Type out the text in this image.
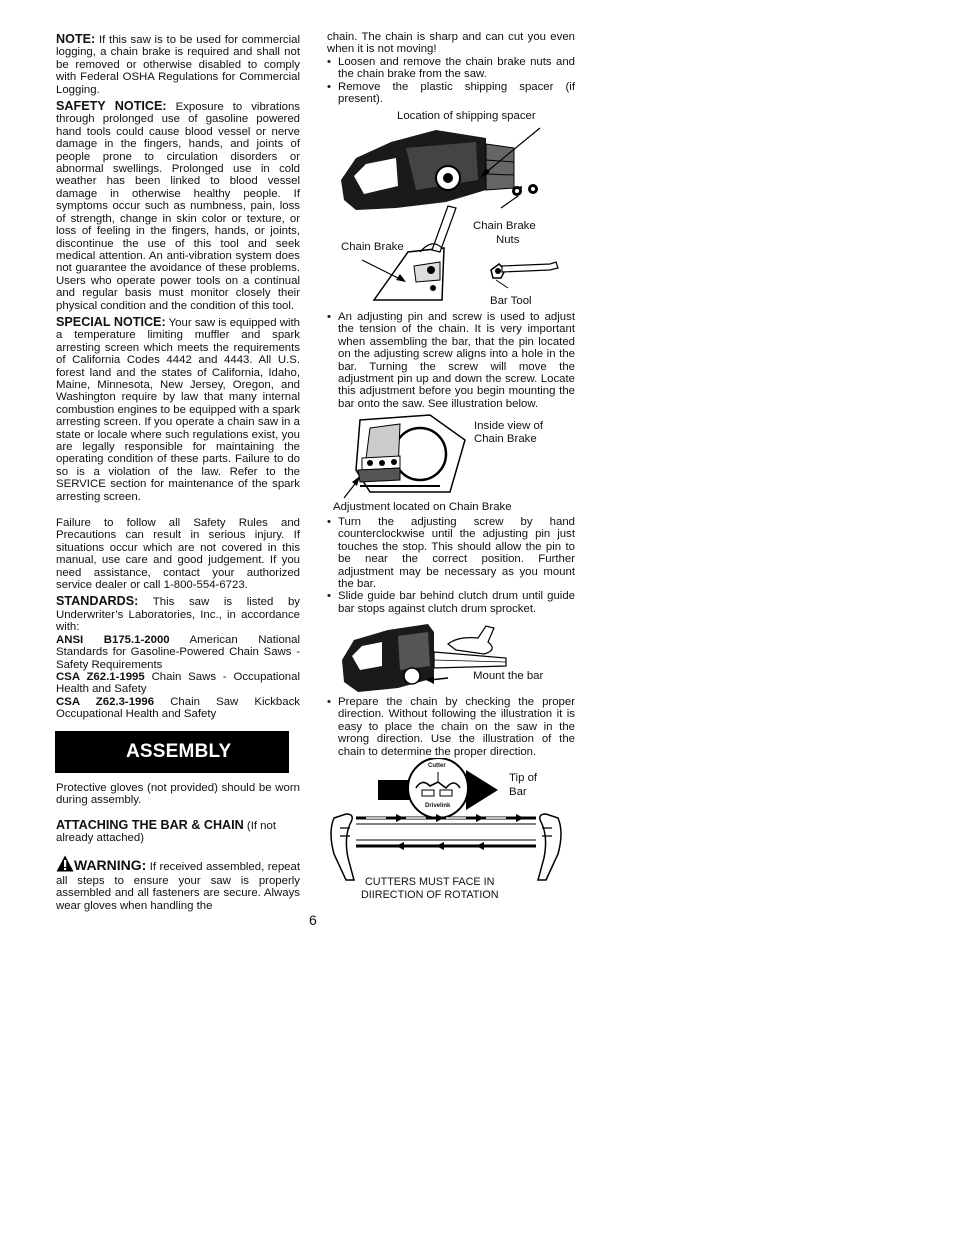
NOTE: If this saw is to be used for commercial logging, a chain brake is required and shall not be removed or otherwise disabled to comply with Federal OSHA Regulations for Commercial Logging.

SAFETY NOTICE: Exposure to vibrations through prolonged use of gasoline powered hand tools could cause blood vessel or nerve damage in the fingers, hands, and joints of people prone to circulation disorders or abnormal swellings. Prolonged use in cold weather has been linked to blood vessel damage in otherwise healthy people. If symptoms occur such as numbness, pain, loss of strength, change in skin color or texture, or loss of feeling in the fingers, hands, or joints, discontinue the use of this tool and seek medical attention. An anti-vibration system does not guarantee the avoidance of these problems. Users who operate power tools on a continual and regular basis must monitor closely their physical condition and the condition of this tool.

SPECIAL NOTICE: Your saw is equipped with a temperature limiting muffler and spark arresting screen which meets the requirements of California Codes 4442 and 4443. All U.S. forest land and the states of California, Idaho, Maine, Minnesota, New Jersey, Oregon, and Washington require by law that many internal combustion engines to be equipped with a spark arresting screen. If you operate a chain saw in a state or locale where such regulations exist, you are legally responsible for maintaining the operating condition of these parts. Failure to do so is a violation of the law. Refer to the SERVICE section for maintenance of the spark arresting screen.

Failure to follow all Safety Rules and Precautions can result in serious injury. If situations occur which are not covered in this manual, use care and good judgement. If you need assistance, contact your authorized service dealer or call 1-800-554-6723.

STANDARDS: This saw is listed by Underwriter’s Laboratories, Inc., in accordance with:

ANSI B175.1-2000 American National Standards for Gasoline-Powered Chain Saws - Safety Requirements

CSA Z62.1-1995 Chain Saws - Occupational Health and Safety

CSA Z62.3-1996 Chain Saw Kickback Occupational Health and Safety

ASSEMBLY

Protective gloves (not provided) should be worn during assembly.

ATTACHING THE BAR & CHAIN (If not already attached)

WARNING: If received assembled, repeat all steps to ensure your saw is properly assembled and all fasteners are secure. Always wear gloves when handling the

chain. The chain is sharp and can cut you even when it is not moving!

• Loosen and remove the chain brake nuts and the chain brake from the saw.
• Remove the plastic shipping spacer (if present).
Location of shipping spacer
Chain Brake
Nuts
Chain Brake
Bar Tool
• An adjusting pin and screw is used to adjust the tension of the chain. It is very important when assembling the bar, that the pin located on the adjusting screw aligns into a hole in the bar. Turning the screw will move the adjustment pin up and down the screw. Locate this adjustment before you begin mounting the bar onto the saw. See illustration below.
Inside view of
Chain Brake
Adjustment located on Chain Brake
• Turn the adjusting screw by hand counterclockwise until the adjusting pin just touches the stop. This should allow the pin to be near the correct position. Further adjustment may be necessary as you mount the bar.
• Slide guide bar behind clutch drum until guide bar stops against clutch drum sprocket.
Mount the bar
• Prepare the chain by checking the proper direction. Without following the illustration it is easy to place the chain on the saw in the wrong direction. Use the illustration of the chain to determine the proper direction.
Cutter
Drivelink
Tip of
Bar
CUTTERS MUST FACE IN
DIIRECTION OF ROTATION
6
